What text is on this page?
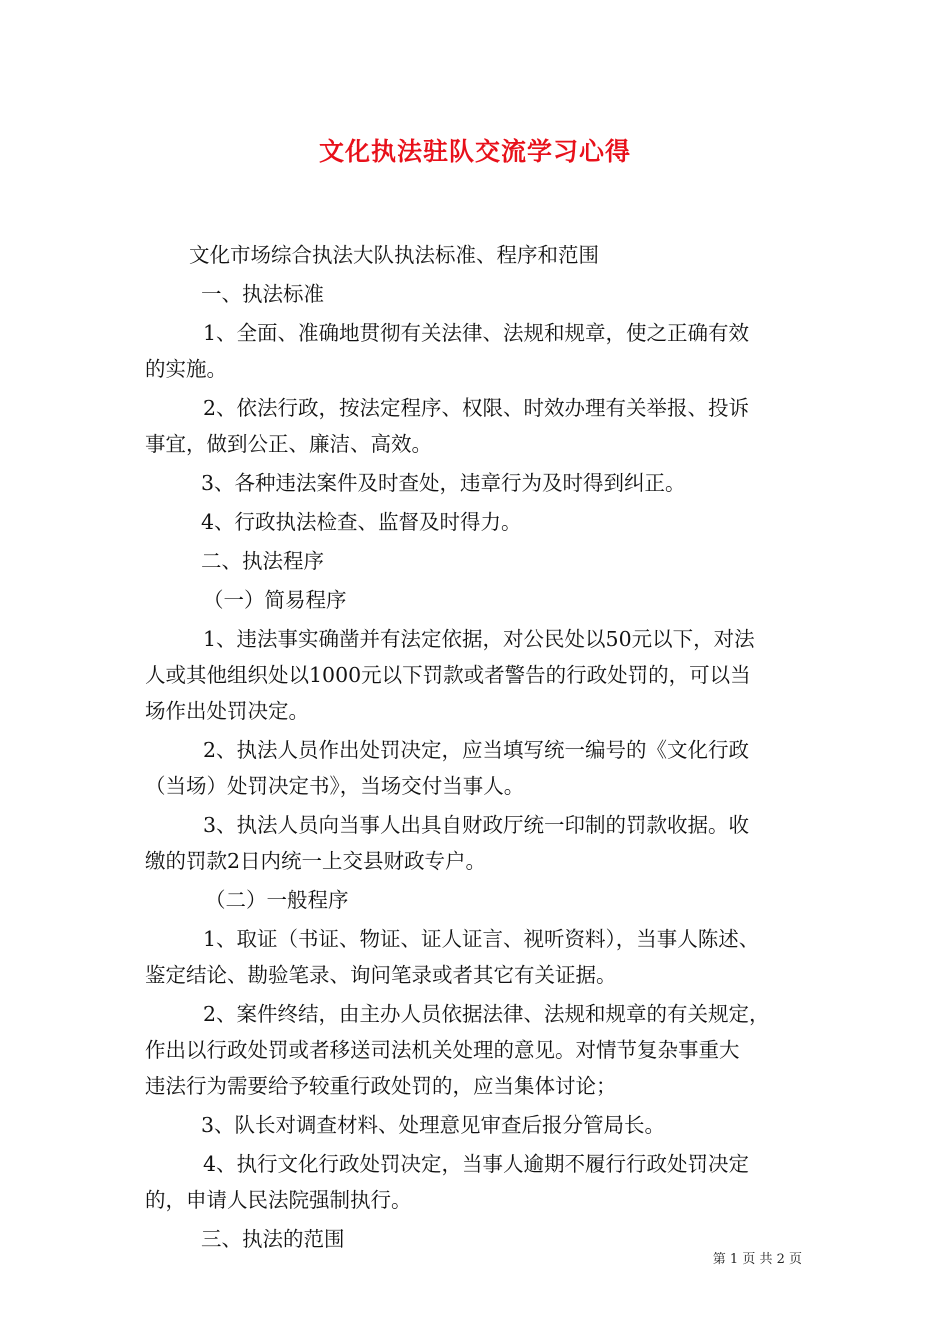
文化执法驻队交流学习心得
文化市场综合执法大队执法标准、程序和范围
一、执法标准
1、全面、准确地贯彻有关法律、法规和规章，使之正确有效
的实施。
2、依法行政，按法定程序、权限、时效办理有关举报、投诉
事宜，做到公正、廉洁、高效。
3、各种违法案件及时查处，违章行为及时得到纠正。
4、行政执法检查、监督及时得力。
二、执法程序
（一）简易程序
1、违法事实确凿并有法定依据，对公民处以50元以下，对法
人或其他组织处以1000元以下罚款或者警告的行政处罚的，可以当
场作出处罚决定。
2、执法人员作出处罚决定，应当填写统一编号的《文化行政
（当场）处罚决定书》，当场交付当事人。
3、执法人员向当事人出具自财政厅统一印制的罚款收据。收
缴的罚款2日内统一上交县财政专户。
（二）一般程序
1、取证（书证、物证、证人证言、视听资料），当事人陈述、
鉴定结论、勘验笔录、询问笔录或者其它有关证据。
2、案件终结，由主办人员依据法律、法规和规章的有关规定，
作出以行政处罚或者移送司法机关处理的意见。对情节复杂事重大
违法行为需要给予较重行政处罚的，应当集体讨论；
3、队长对调查材料、处理意见审查后报分管局长。
4、执行文化行政处罚决定，当事人逾期不履行行政处罚决定
的，申请人民法院强制执行。
三、执法的范围
第 1 页 共 2 页
